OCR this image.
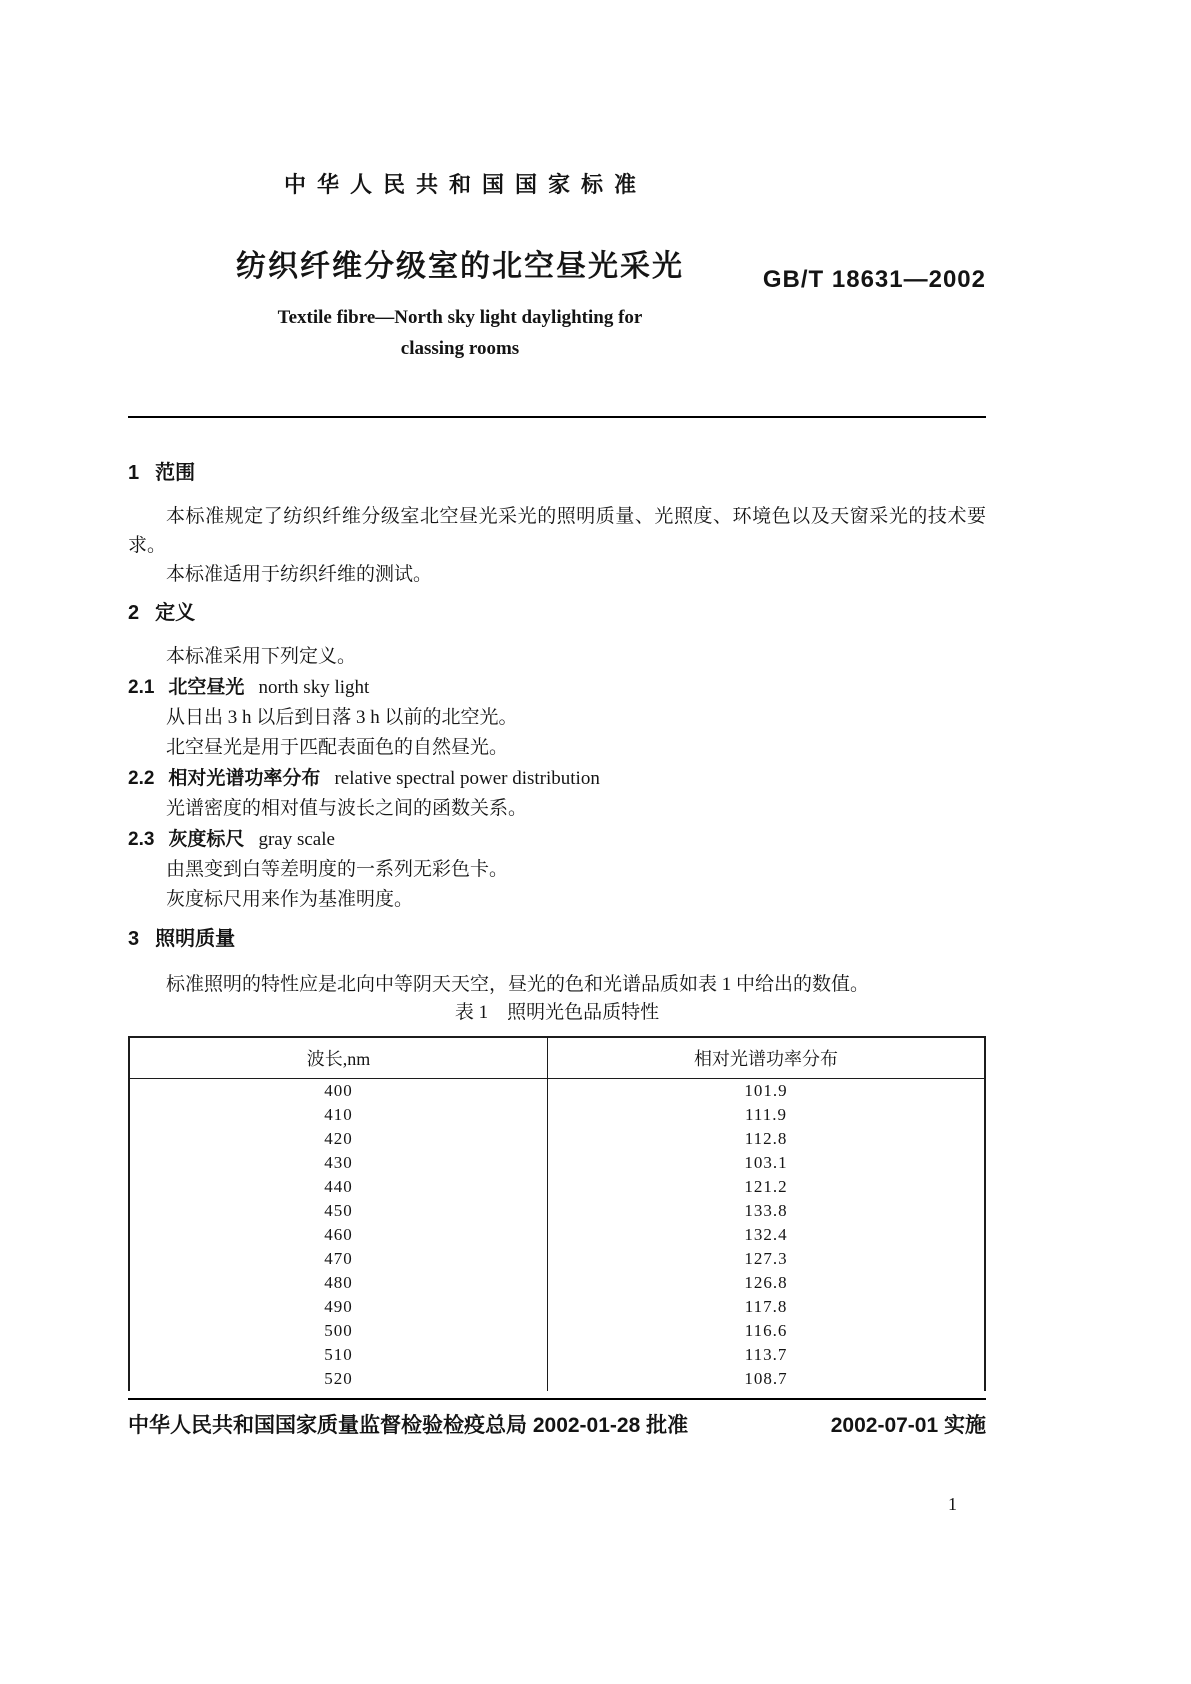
中华人民共和国国家标准
纺织纤维分级室的北空昼光采光
Textile fibre—North sky light daylighting for
classing rooms
GB/T 18631—2002
1 范围

本标准规定了纺织纤维分级室北空昼光采光的照明质量、光照度、环境色以及天窗采光的技术要求。

本标准适用于纺织纤维的测试。

2 定义
本标准采用下列定义。
2.1 北空昼光 north sky light
从日出 3 h 以后到日落 3 h 以前的北空光。
北空昼光是用于匹配表面色的自然昼光。
2.2 相对光谱功率分布 relative spectral power distribution
光谱密度的相对值与波长之间的函数关系。
2.3 灰度标尺 gray scale
由黑变到白等差明度的一系列无彩色卡。
灰度标尺用来作为基准明度。
3 照明质量

标准照明的特性应是北向中等阴天天空，昼光的色和光谱品质如表 1 中给出的数值。

表 1　照明光色品质特性
波长,nm	相对光谱功率分布
400	101.9
410	111.9
420	112.8
430	103.1
440	121.2
450	133.8
460	132.4
470	127.3
480	126.8
490	117.8
500	116.6
510	113.7
520	108.7
中华人民共和国国家质量监督检验检疫总局 2002-01-28 批准	2002-07-01 实施
1
